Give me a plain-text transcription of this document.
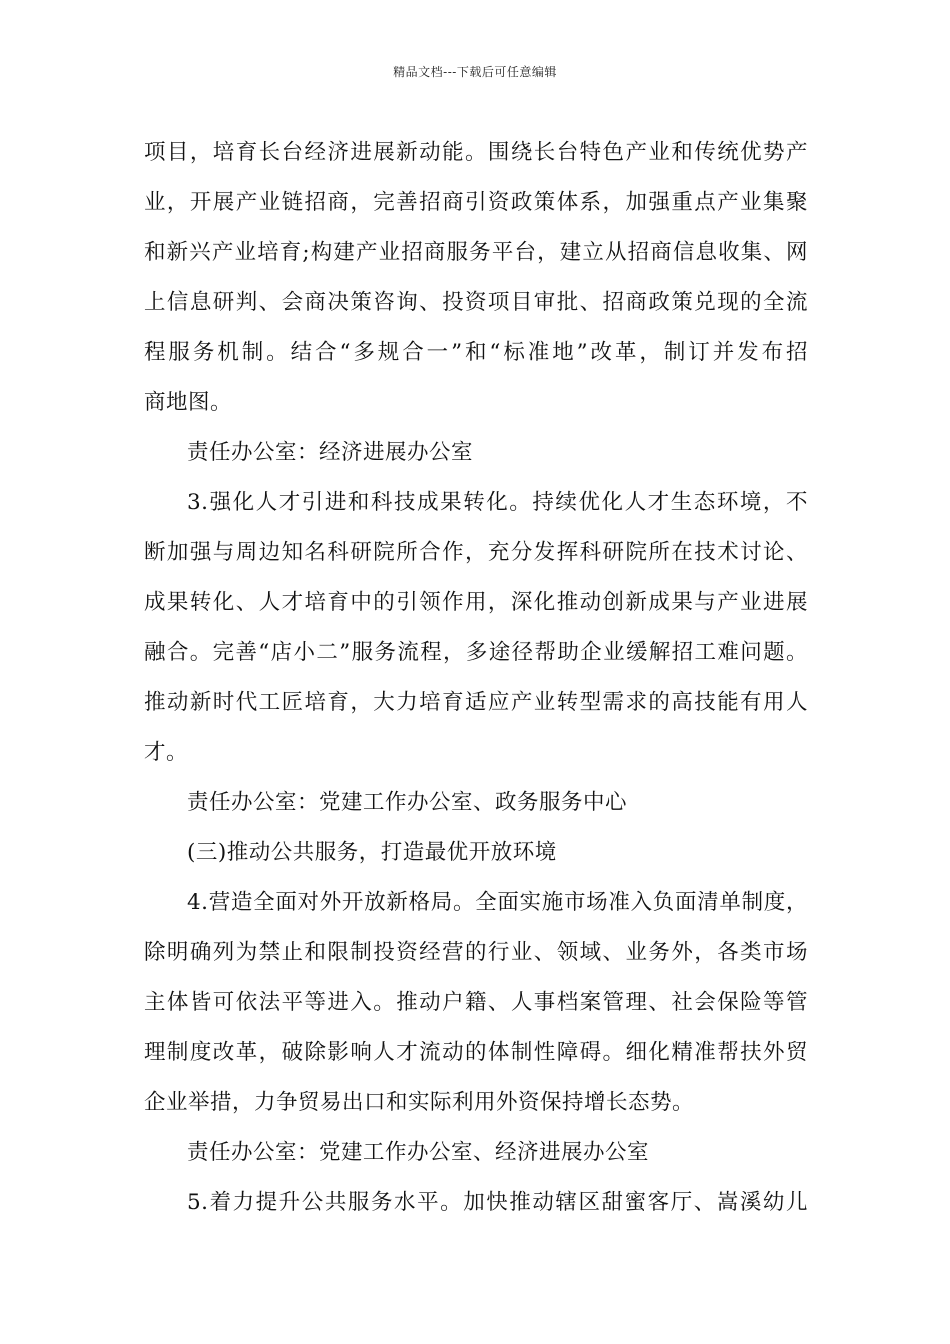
精品文档---下载后可任意编辑
项目，培育长台经济进展新动能。围绕长台特色产业和传统优势产
业，开展产业链招商，完善招商引资政策体系，加强重点产业集聚
和新兴产业培育;构建产业招商服务平台，建立从招商信息收集、网
上信息研判、会商决策咨询、投资项目审批、招商政策兑现的全流
程服务机制。结合“多规合一”和“标准地”改革，制订并发布招
商地图。
责任办公室：经济进展办公室
3.强化人才引进和科技成果转化。持续优化人才生态环境，不
断加强与周边知名科研院所合作，充分发挥科研院所在技术讨论、
成果转化、人才培育中的引领作用，深化推动创新成果与产业进展
融合。完善“店小二”服务流程，多途径帮助企业缓解招工难问题。
推动新时代工匠培育，大力培育适应产业转型需求的高技能有用人
才。
责任办公室：党建工作办公室、政务服务中心
(三)推动公共服务，打造最优开放环境
4.营造全面对外开放新格局。全面实施市场准入负面清单制度，
除明确列为禁止和限制投资经营的行业、领域、业务外，各类市场
主体皆可依法平等进入。推动户籍、人事档案管理、社会保险等管
理制度改革，破除影响人才流动的体制性障碍。细化精准帮扶外贸
企业举措，力争贸易出口和实际利用外资保持增长态势。
责任办公室：党建工作办公室、经济进展办公室
5.着力提升公共服务水平。加快推动辖区甜蜜客厅、嵩溪幼儿
